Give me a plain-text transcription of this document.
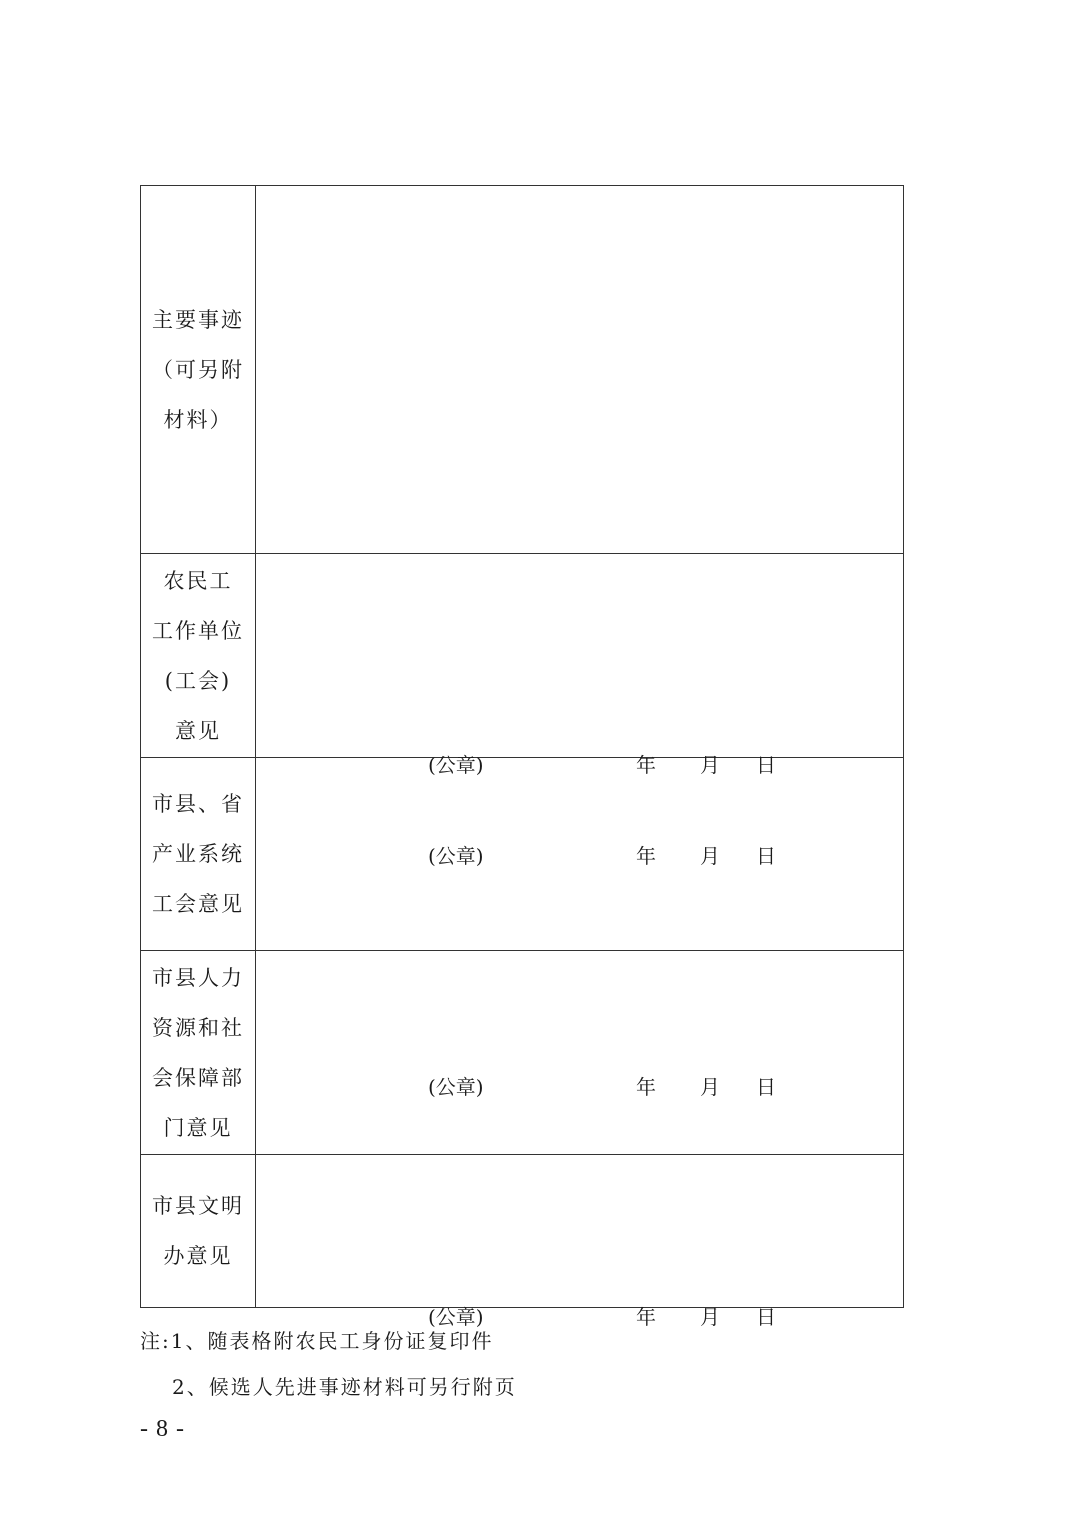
主要事迹
（可另附
材料）	

农民工
工作单位
(工会)
意见	(公章) 年 月 日

市县、省
产业系统
工会意见	(公章) 年 月 日

市县人力
资源和社
会保障部
门意见	(公章) 年 月 日

市县文明
办意见	(公章) 年 月 日
注:1、随表格附农民工身份证复印件
2、候选人先进事迹材料可另行附页
- 8 -
